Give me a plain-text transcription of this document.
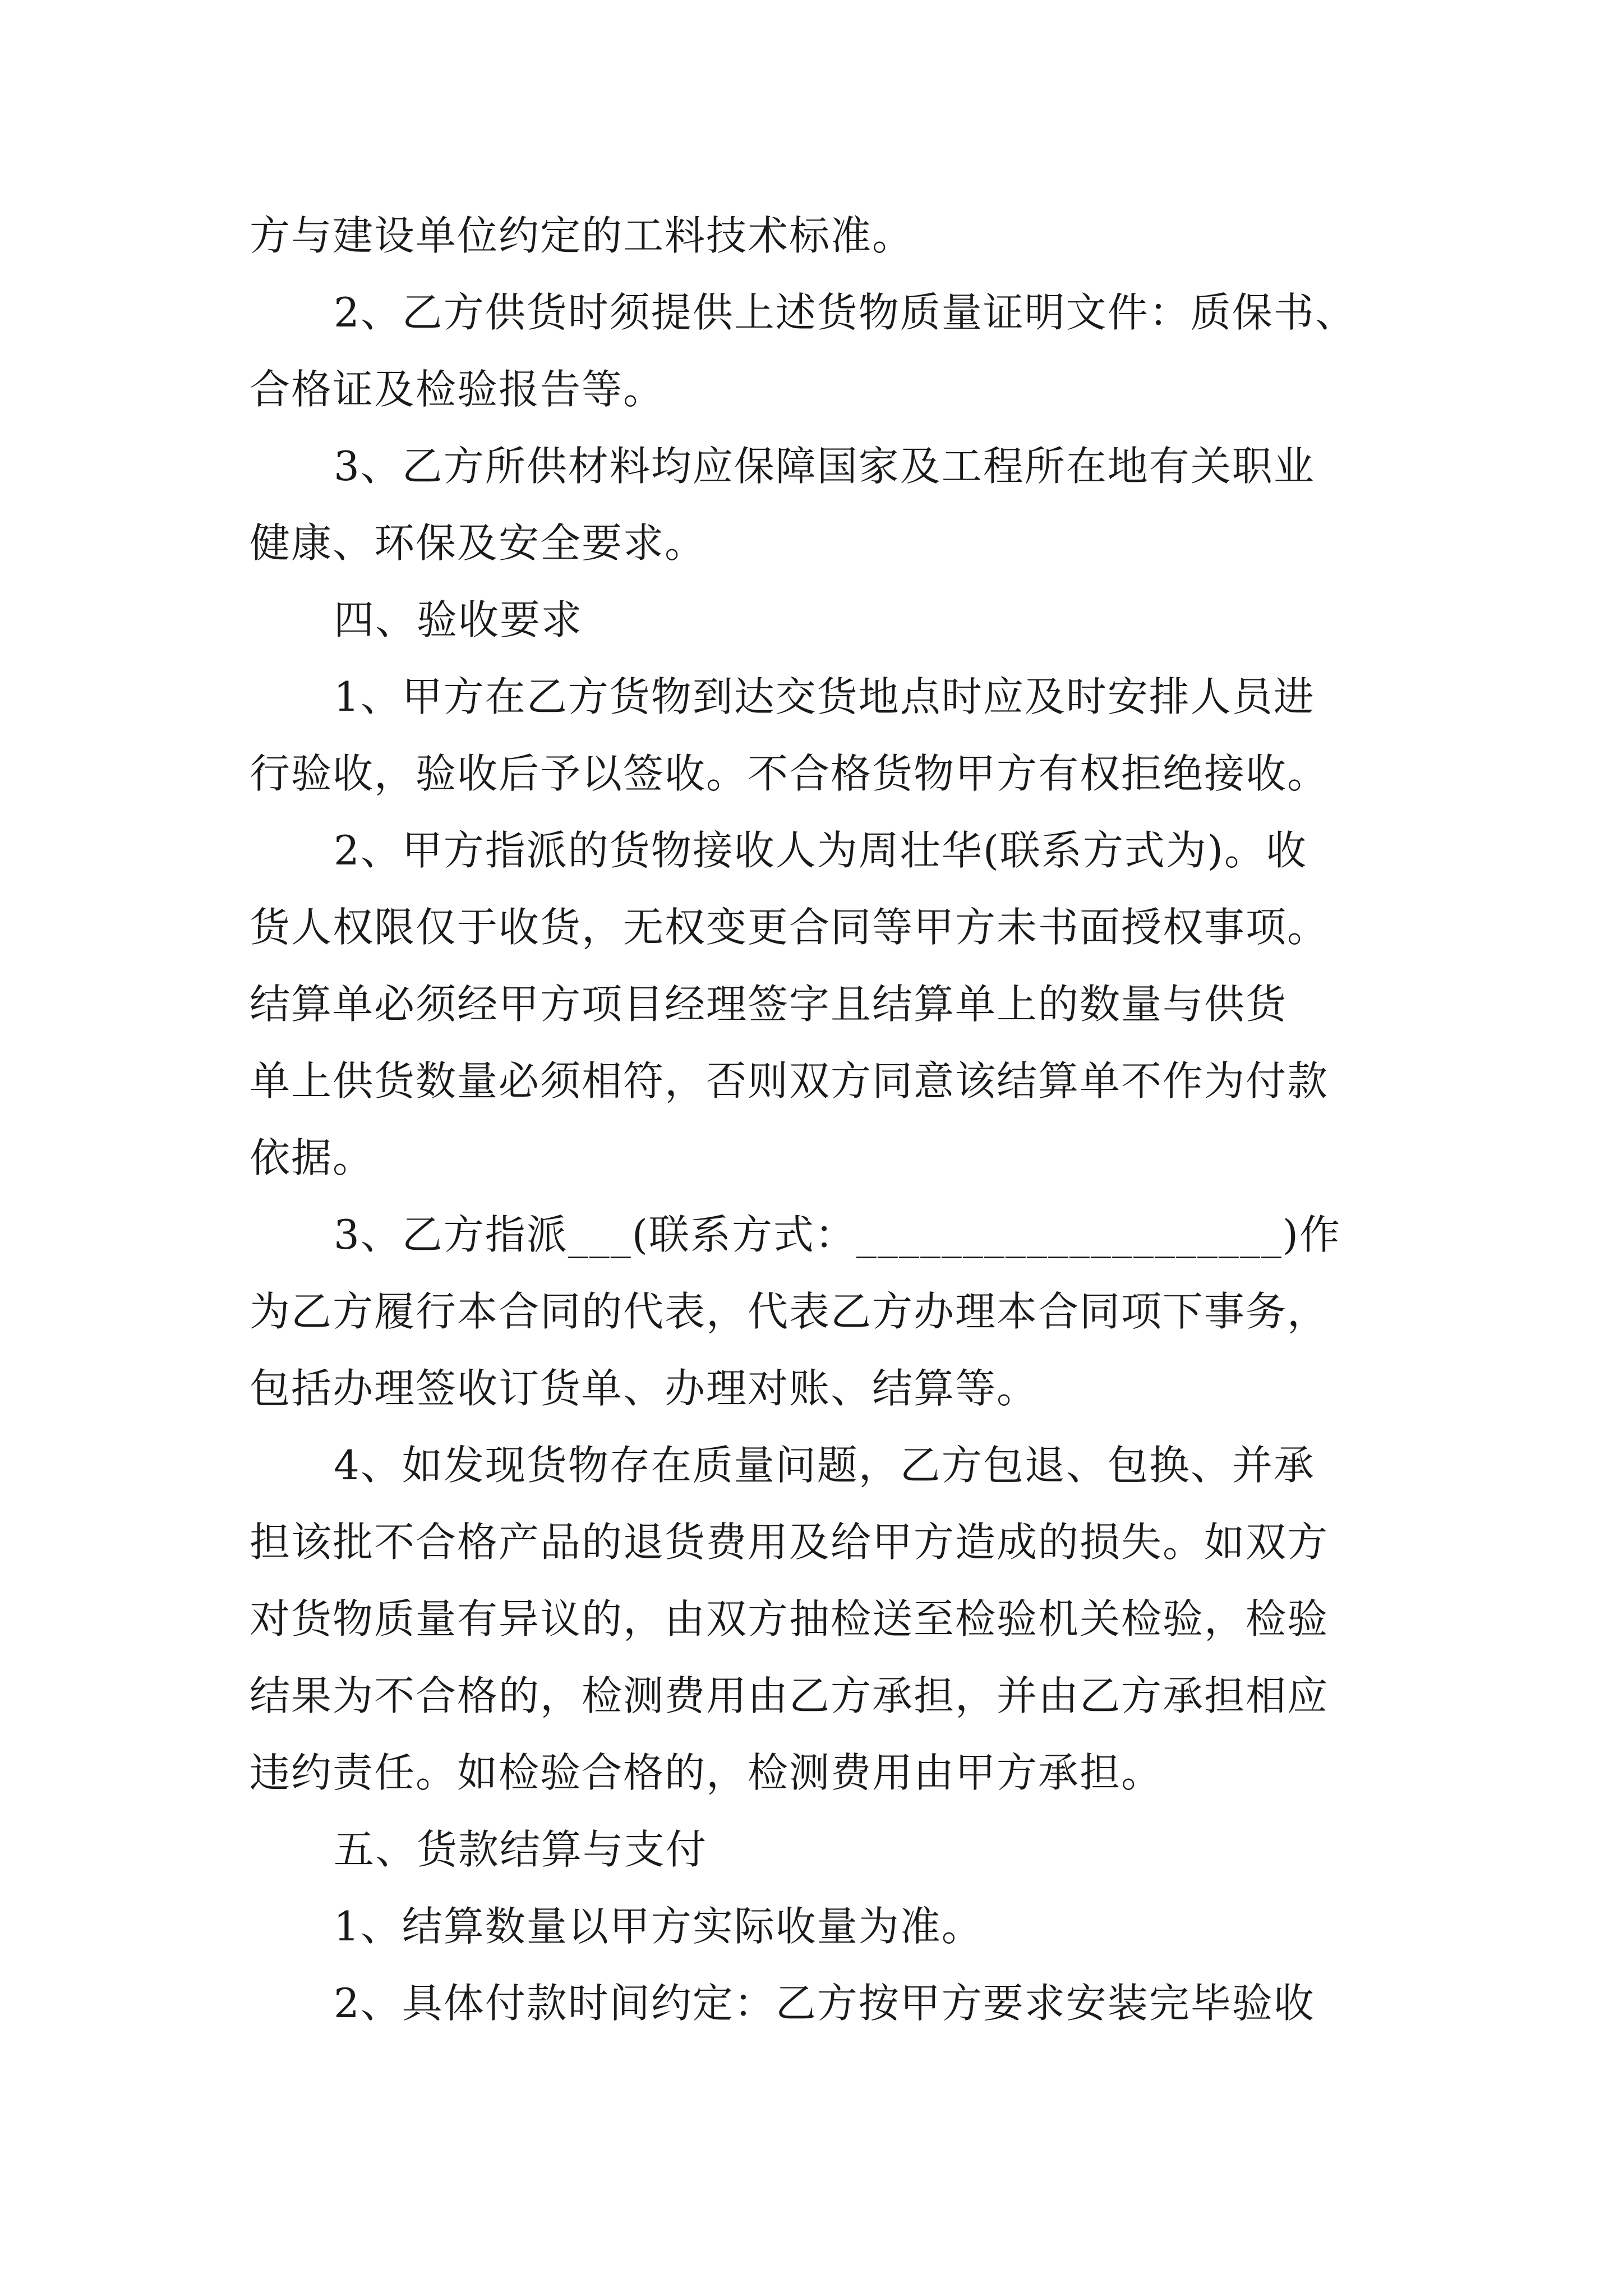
方与建设单位约定的工料技术标准。
2、乙方供货时须提供上述货物质量证明文件：质保书、
合格证及检验报告等。
3、乙方所供材料均应保障国家及工程所在地有关职业
健康、环保及安全要求。
四、验收要求
1、甲方在乙方货物到达交货地点时应及时安排人员进
行验收，验收后予以签收。不合格货物甲方有权拒绝接收。
2、甲方指派的货物接收人为周壮华(联系方式为)。收
货人权限仅于收货，无权变更合同等甲方未书面授权事项。
结算单必须经甲方项目经理签字且结算单上的数量与供货
单上供货数量必须相符，否则双方同意该结算单不作为付款
依据。
3、乙方指派___(联系方式：____________________)作
为乙方履行本合同的代表，代表乙方办理本合同项下事务，
包括办理签收订货单、办理对账、结算等。
4、如发现货物存在质量问题，乙方包退、包换、并承
担该批不合格产品的退货费用及给甲方造成的损失。如双方
对货物质量有异议的，由双方抽检送至检验机关检验，检验
结果为不合格的，检测费用由乙方承担，并由乙方承担相应
违约责任。如检验合格的，检测费用由甲方承担。
五、货款结算与支付
1、结算数量以甲方实际收量为准。
2、具体付款时间约定：乙方按甲方要求安装完毕验收
